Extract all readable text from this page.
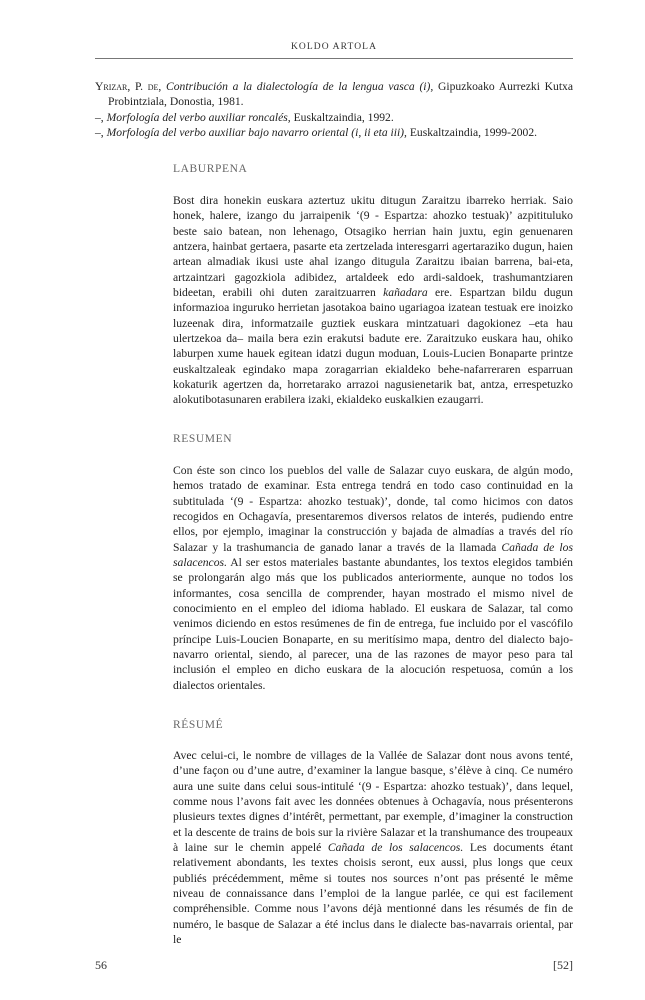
KOLDO ARTOLA
Yrizar, P. de, Contribución a la dialectología de la lengua vasca (i), Gipuzkoako Aurrezki Kutxa Probintziala, Donostia, 1981.
–, Morfología del verbo auxiliar roncalés, Euskaltzaindia, 1992.
–, Morfología del verbo auxiliar bajo navarro oriental (i, ii eta iii), Euskaltzaindia, 1999-2002.
LABURPENA
Bost dira honekin euskara aztertuz ukitu ditugun Zaraitzu ibarreko herriak. Saio honek, halere, izango du jarraipenik ‘(9 - Espartza: ahozko testuak)’ azpitituluko beste saio batean, non lehenago, Otsagiko herrian hain juxtu, egin genuenaren antzera, hainbat gertaera, pasarte eta zertzelada interesgarri agertaraziko dugun, haien artean almadiak ikusi uste ahal izango ditugula Zaraitzu ibaian barrena, bai-eta, artzaintzari gagozkiola adibidez, artaldeek edo ardi-saldoek, trashumantziaren bideetan, erabili ohi duten zaraitzuarren kañadara ere. Espartzan bildu dugun informazioa inguruko herrietan jasotakoa baino ugariagoa izatean testuak ere inoizko luzeenak dira, informatzaile guztiek euskara mintzatuari dagokionez –eta hau ulertzekoa da– maila bera ezin erakutsi badute ere. Zaraitzuko euskara hau, ohiko laburpen xume hauek egitean idatzi dugun moduan, Louis-Lucien Bonaparte printze euskaltzaleak egindako mapa zoragarrian ekialdeko behe-nafarreraren esparruan kokaturik agertzen da, horretarako arrazoi nagusienetarik bat, antza, errespetuzko alokutibotasunaren erabilera izaki, ekialdeko euskalkien ezaugarri.
RESUMEN
Con éste son cinco los pueblos del valle de Salazar cuyo euskara, de algún modo, hemos tratado de examinar. Esta entrega tendrá en todo caso continuidad en la subtitulada ‘(9 - Espartza: ahozko testuak)’, donde, tal como hicimos con datos recogidos en Ochagavía, presentaremos diversos relatos de interés, pudiendo entre ellos, por ejemplo, imaginar la construcción y bajada de almadías a través del río Salazar y la trashumancia de ganado lanar a través de la llamada Cañada de los salacencos. Al ser estos materiales bastante abundantes, los textos elegidos también se prolongarán algo más que los publicados anteriormente, aunque no todos los informantes, cosa sencilla de comprender, hayan mostrado el mismo nivel de conocimiento en el empleo del idioma hablado. El euskara de Salazar, tal como venimos diciendo en estos resúmenes de fin de entrega, fue incluido por el vascófilo príncipe Luis-Loucien Bonaparte, en su meritísimo mapa, dentro del dialecto bajo-navarro oriental, siendo, al parecer, una de las razones de mayor peso para tal inclusión el empleo en dicho euskara de la alocución respetuosa, común a los dialectos orientales.
RÉSUMÉ
Avec celui-ci, le nombre de villages de la Vallée de Salazar dont nous avons tenté, d’une façon ou d’une autre, d’examiner la langue basque, s’élève à cinq. Ce numéro aura une suite dans celui sous-intitulé ‘(9 - Espartza: ahozko testuak)’, dans lequel, comme nous l’avons fait avec les données obtenues à Ochagavía, nous présenterons plusieurs textes dignes d’intérêt, permettant, par exemple, d’imaginer la construction et la descente de trains de bois sur la rivière Salazar et la transhumance des troupeaux à laine sur le chemin appelé Cañada de los salacencos. Les documents étant relativement abondants, les textes choisis seront, eux aussi, plus longs que ceux publiés précédemment, même si toutes nos sources n’ont pas présenté le même niveau de connaissance dans l’emploi de la langue parlée, ce qui est facilement compréhensible. Comme nous l’avons déjà mentionné dans les résumés de fin de numéro, le basque de Salazar a été inclus dans le dialecte bas-navarrais oriental, par le
56	[52]
